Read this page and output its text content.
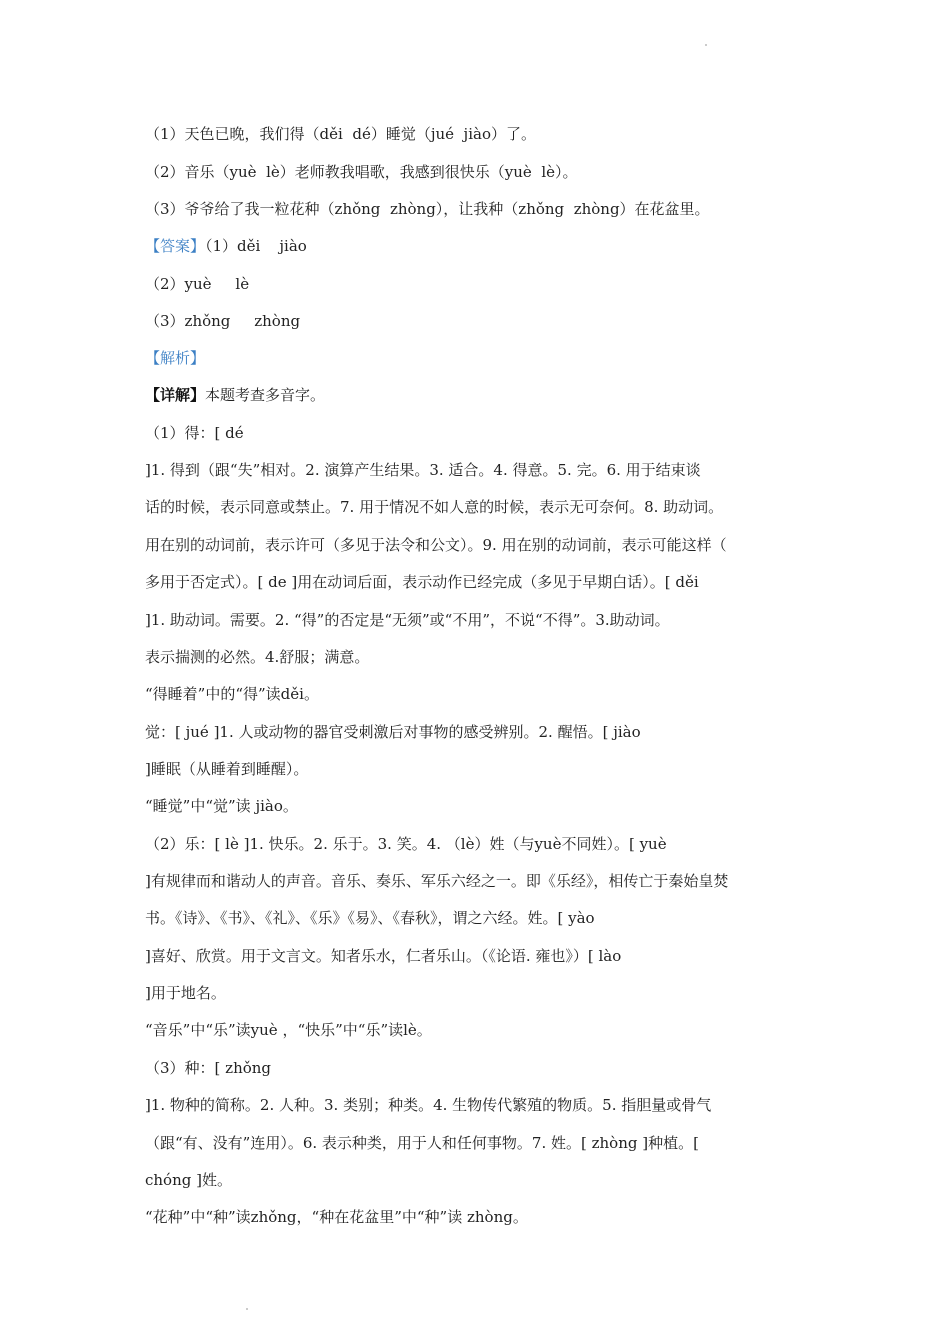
（1）天色已晚，我们得（děi  dé）睡觉（jué  jiào）了。
（2）音乐（yuè  lè）老师教我唱歌，我感到很快乐（yuè  lè）。
（3）爷爷给了我一粒花种（zhǒng  zhòng），让我种（zhǒng  zhòng）在花盆里。
【答案】（1）děi    jiào
（2）yuè     lè
（3）zhǒng     zhòng
【解析】
【详解】本题考查多音字。
（1）得：[ dé
]1. 得到（跟“失”相对。2. 演算产生结果。3. 适合。4. 得意。5. 完。6. 用于结束谈
话的时候，表示同意或禁止。7. 用于情况不如人意的时候，表示无可奈何。8. 助动词。
用在别的动词前，表示许可（多见于法令和公文）。9. 用在别的动词前，表示可能这样（
多用于否定式）。[ de ]用在动词后面，表示动作已经完成（多见于早期白话）。[ děi
]1. 助动词。需要。2. “得”的否定是“无须”或“不用”，不说“不得”。3.助动词。
表示揣测的必然。4.舒服；满意。
“得睡着”中的“得”读děi。
觉：[ jué ]1. 人或动物的器官受刺激后对事物的感受辨别。2. 醒悟。[ jiào
]睡眠（从睡着到睡醒）。
“睡觉”中“觉”读 jiào。
（2）乐：[ lè ]1. 快乐。2. 乐于。3. 笑。4. （lè）姓（与yuè不同姓）。[ yuè
]有规律而和谐动人的声音。音乐、奏乐、军乐六经之一。即《乐经》，相传亡于秦始皇焚
书。《诗》、《书》、《礼》、《乐》《易》、《春秋》，谓之六经。姓。[ yào
]喜好、欣赏。用于文言文。知者乐水，仁者乐山。（《论语. 雍也》）[ lào
]用于地名。
“音乐”中“乐”读yuè ，“快乐”中“乐”读lè。
（3）种：[ zhǒng
]1. 物种的简称。2. 人种。3. 类别；种类。4. 生物传代繁殖的物质。5. 指胆量或骨气
（跟“有、没有”连用）。6. 表示种类，用于人和任何事物。7. 姓。[ zhòng ]种植。[
chóng ]姓。
“花种”中“种”读zhǒng，“种在花盆里”中“种”读 zhòng。
